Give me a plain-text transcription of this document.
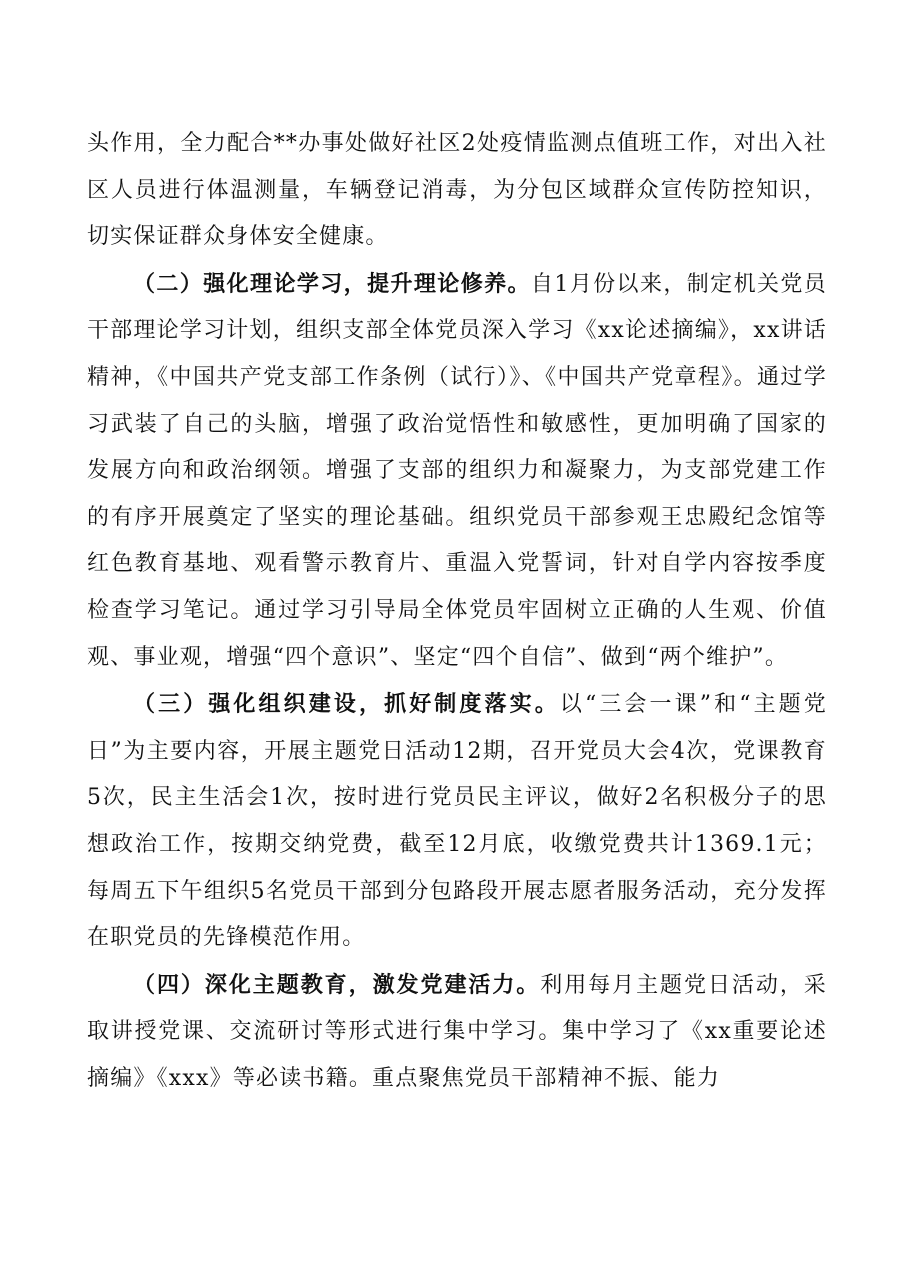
头作用，全力配合**办事处做好社区2处疫情监测点值班工作，对出入社区人员进行体温测量，车辆登记消毒，为分包区域群众宣传防控知识，切实保证群众身体安全健康。

（二）强化理论学习，提升理论修养。自1月份以来，制定机关党员干部理论学习计划，组织支部全体党员深入学习《xx论述摘编》，xx讲话精神，《中国共产党支部工作条例（试行）》、《中国共产党章程》。通过学习武装了自己的头脑，增强了政治觉悟性和敏感性，更加明确了国家的发展方向和政治纲领。增强了支部的组织力和凝聚力，为支部党建工作的有序开展奠定了坚实的理论基础。组织党员干部参观王忠殿纪念馆等红色教育基地、观看警示教育片、重温入党誓词，针对自学内容按季度检查学习笔记。通过学习引导局全体党员牢固树立正确的人生观、价值观、事业观，增强“四个意识”、坚定“四个自信”、做到“两个维护”。

（三）强化组织建设，抓好制度落实。以“三会一课”和“主题党日”为主要内容，开展主题党日活动12期，召开党员大会4次，党课教育5次，民主生活会1次，按时进行党员民主评议，做好2名积极分子的思想政治工作，按期交纳党费，截至12月底，收缴党费共计1369.1元；每周五下午组织5名党员干部到分包路段开展志愿者服务活动，充分发挥在职党员的先锋模范作用。

（四）深化主题教育，激发党建活力。利用每月主题党日活动，采取讲授党课、交流研讨等形式进行集中学习。集中学习了《xx重要论述摘编》《xxx》等必读书籍。重点聚焦党员干部精神不振、能力
